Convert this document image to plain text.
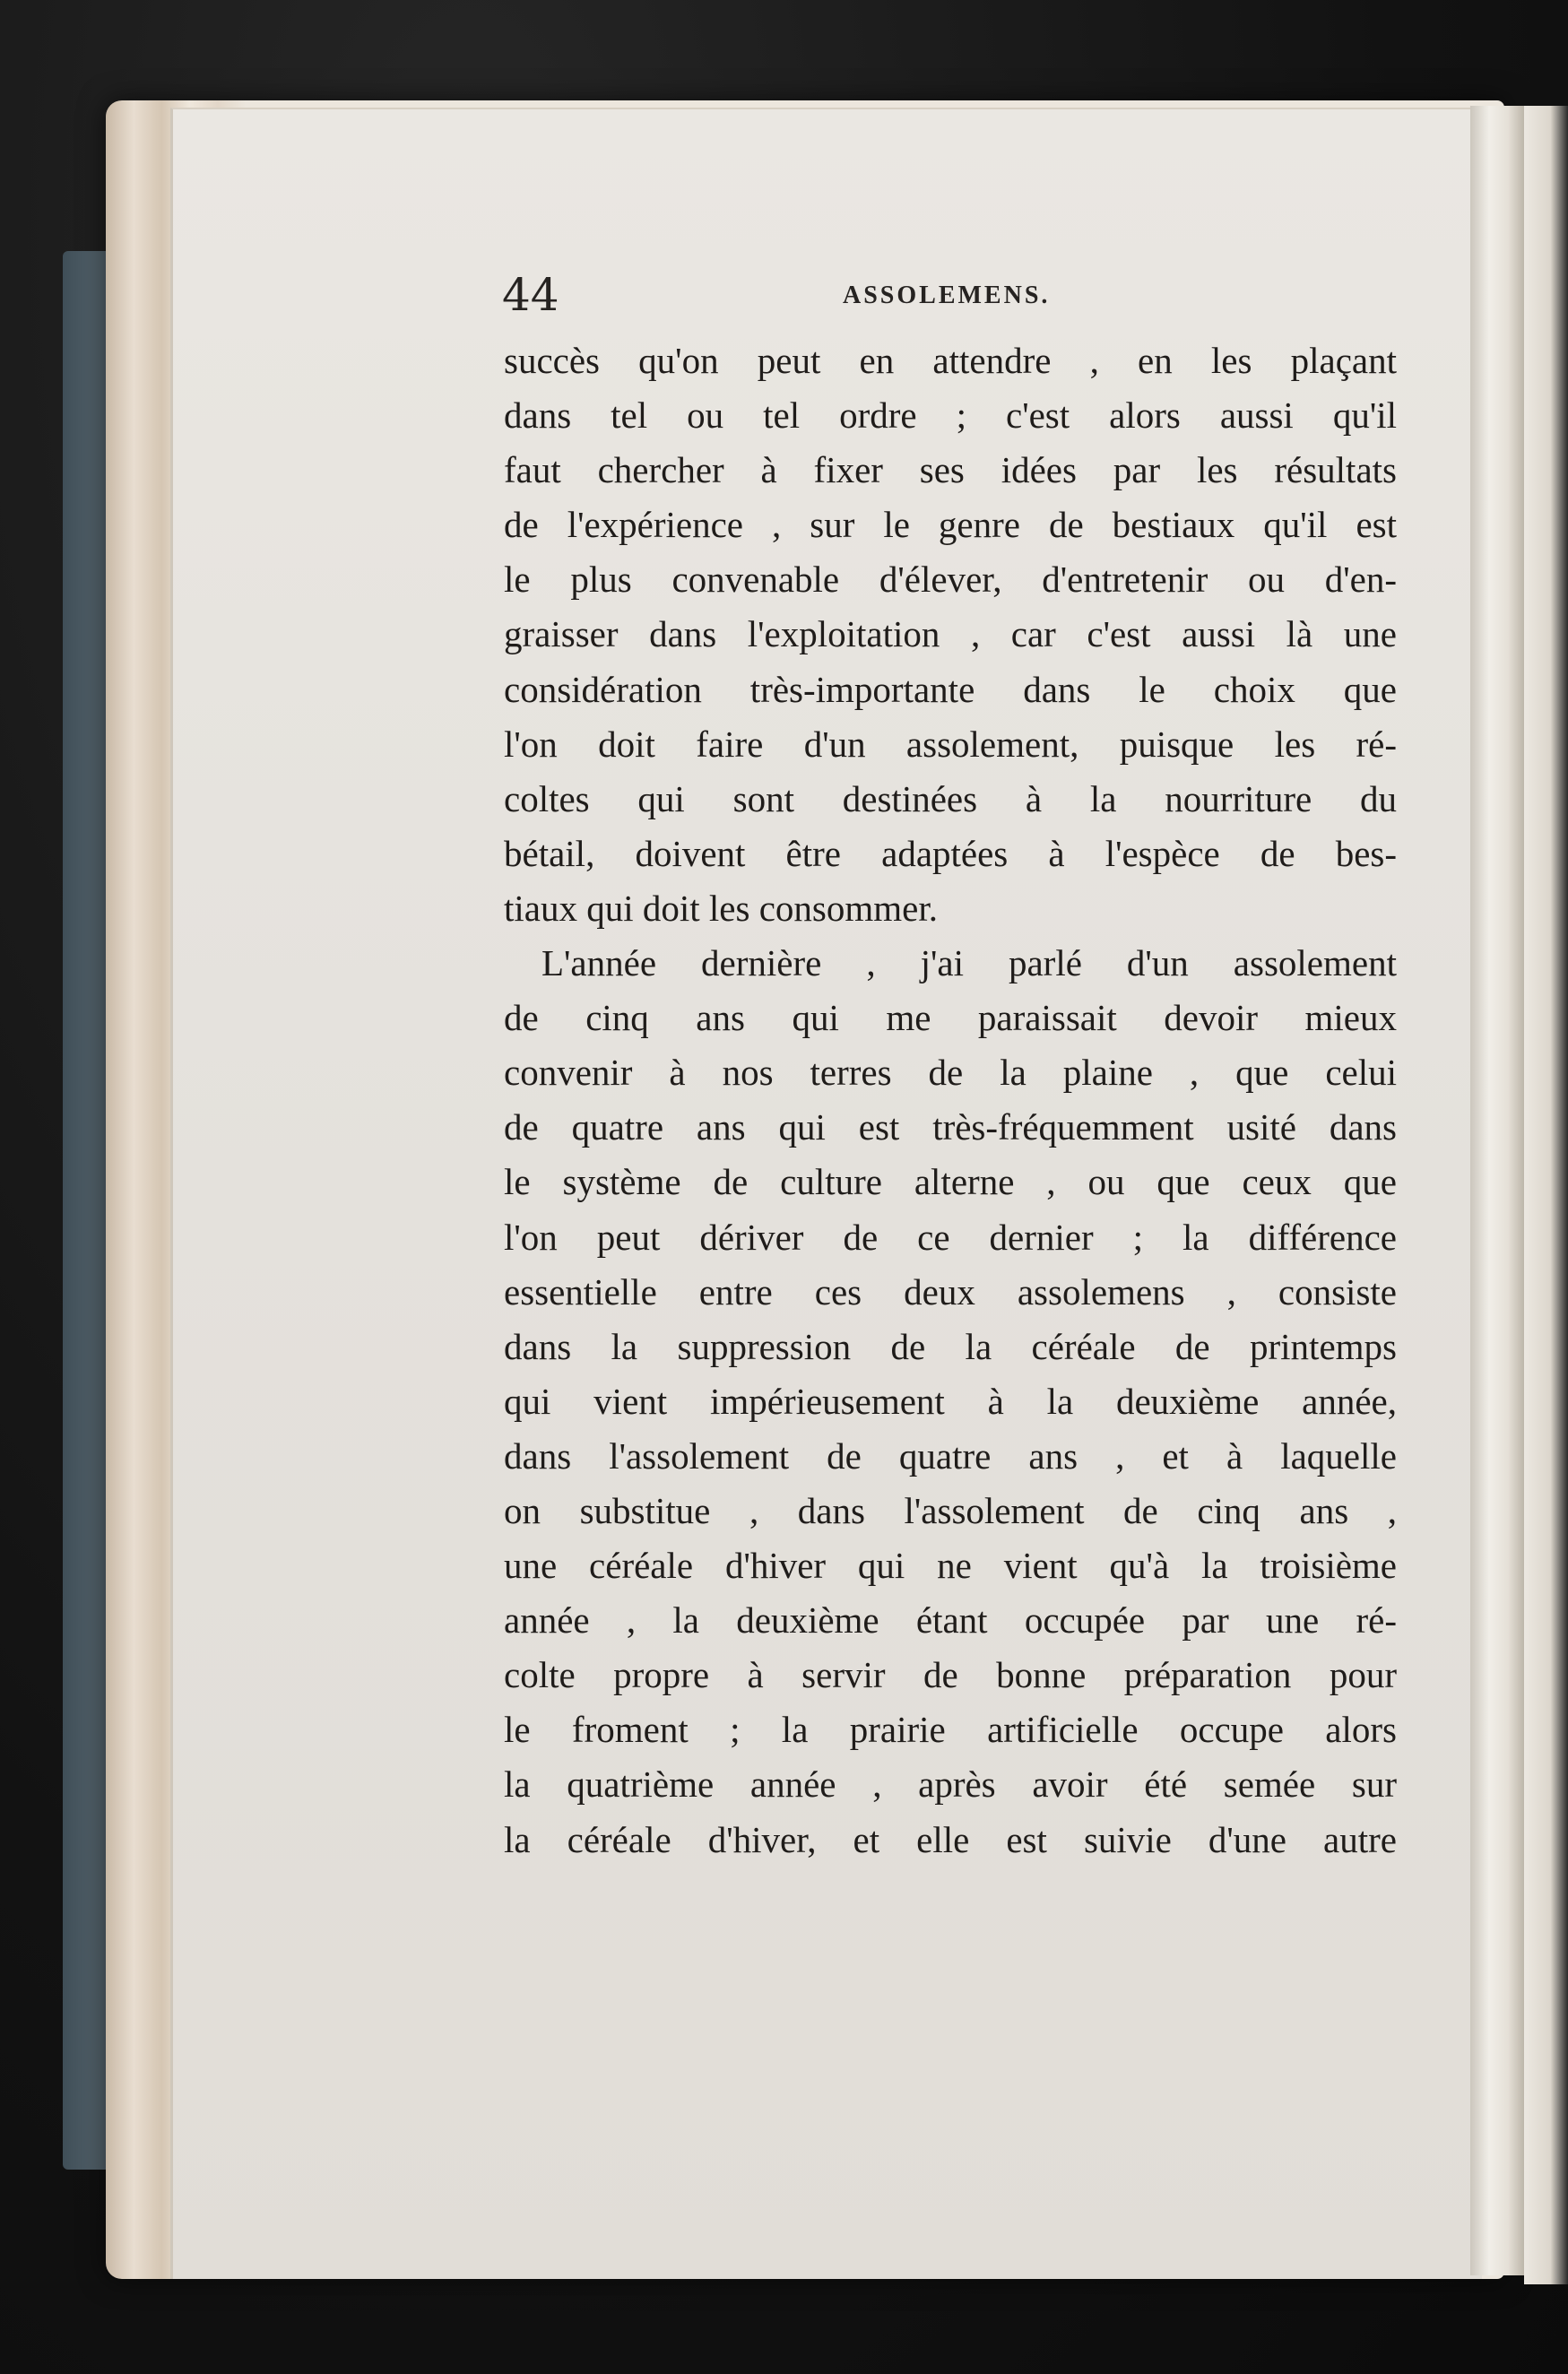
44	ASSOLEMENS.
succès qu'on peut en attendre , en les plaçant
dans tel ou tel ordre ; c'est alors aussi qu'il
faut chercher à fixer ses idées par les résultats
de l'expérience , sur le genre de bestiaux qu'il est
le plus convenable d'élever, d'entretenir ou d'en-
graisser dans l'exploitation , car c'est aussi là une
considération très-importante dans le choix que
l'on doit faire d'un assolement, puisque les ré-
coltes qui sont destinées à la nourriture du
bétail, doivent être adaptées à l'espèce de bes-
tiaux qui doit les consommer.
L'année dernière , j'ai parlé d'un assolement
de cinq ans qui me paraissait devoir mieux
convenir à nos terres de la plaine , que celui
de quatre ans qui est très-fréquemment usité dans
le système de culture alterne , ou que ceux que
l'on peut dériver de ce dernier ; la différence
essentielle entre ces deux assolemens , consiste
dans la suppression de la céréale de printemps
qui vient impérieusement à la deuxième année,
dans l'assolement de quatre ans , et à laquelle
on substitue , dans l'assolement de cinq ans ,
une céréale d'hiver qui ne vient qu'à la troisième
année , la deuxième étant occupée par une ré-
colte propre à servir de bonne préparation pour
le froment ; la prairie artificielle occupe alors
la quatrième année , après avoir été semée sur
la céréale d'hiver, et elle est suivie d'une autre
